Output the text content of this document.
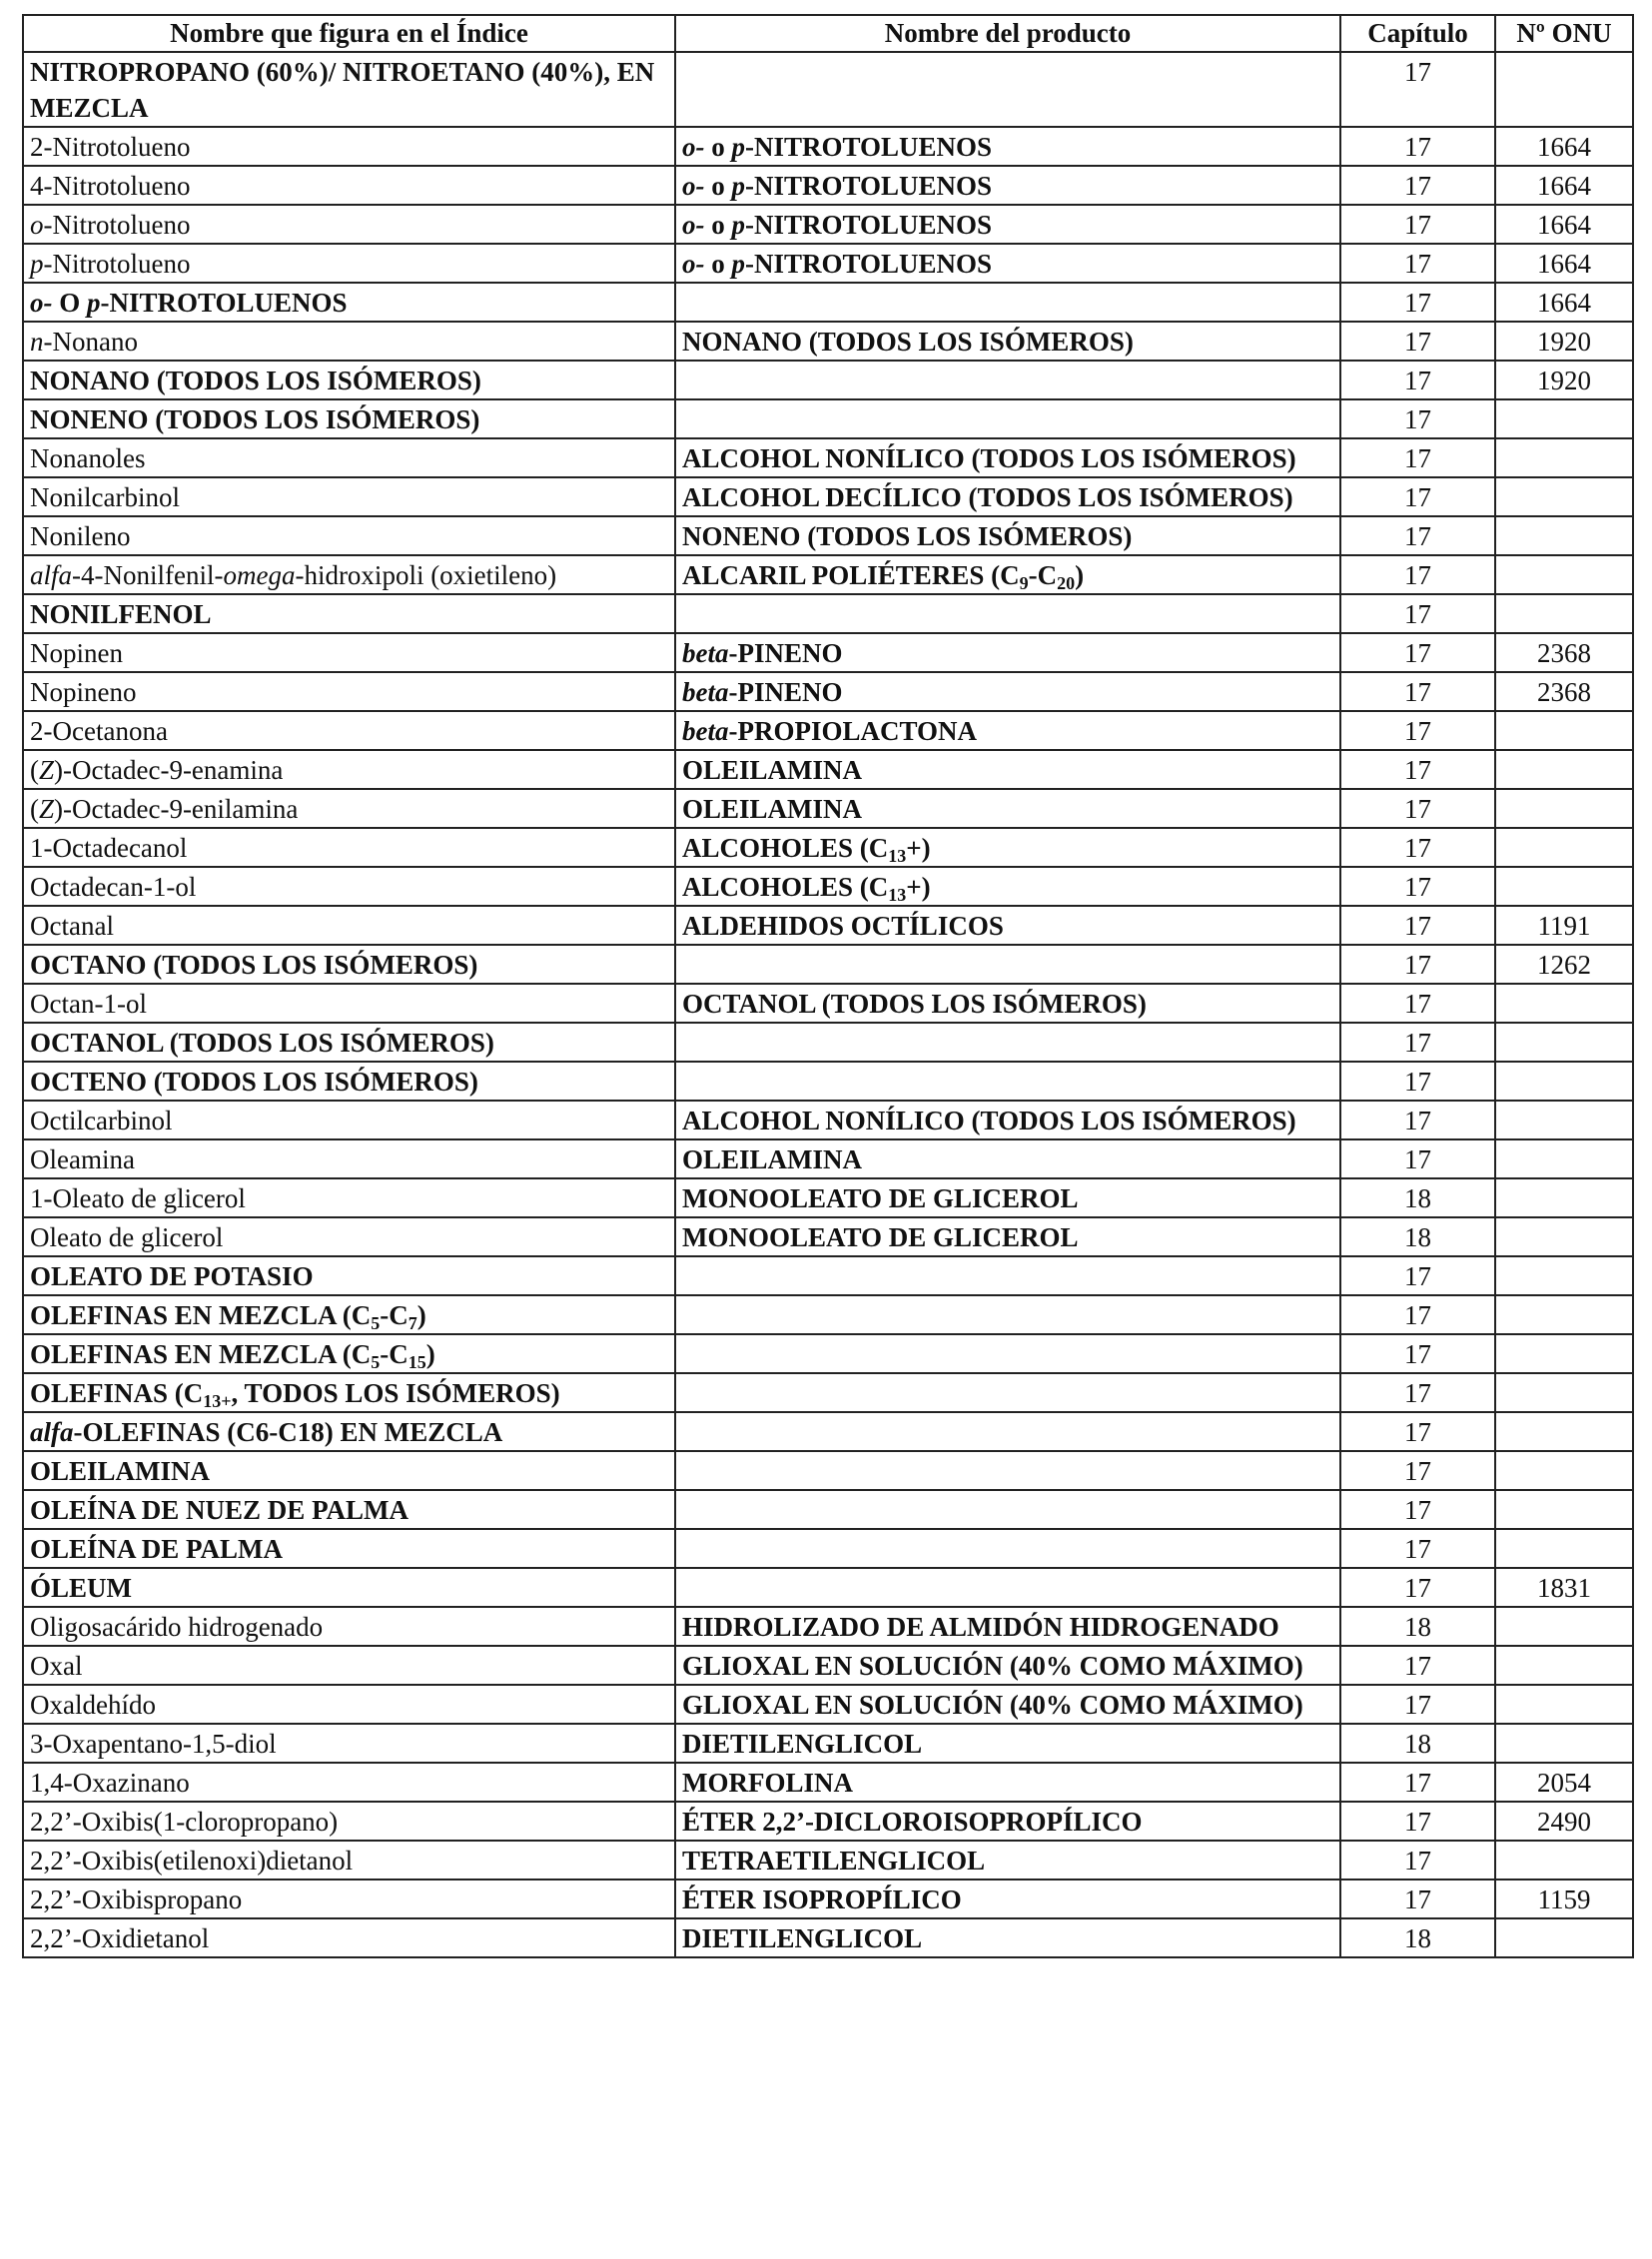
Nombre que figura en el Índice	Nombre del producto	Capítulo	Nº ONU
NITROPROPANO (60%)/ NITROETANO (40%), EN MEZCLA		17	
2-Nitrotolueno	o- o p-NITROTOLUENOS	17	1664
4-Nitrotolueno	o- o p-NITROTOLUENOS	17	1664
o-Nitrotolueno	o- o p-NITROTOLUENOS	17	1664
p-Nitrotolueno	o- o p-NITROTOLUENOS	17	1664
o- O p-NITROTOLUENOS		17	1664
n-Nonano	NONANO (TODOS LOS ISÓMEROS)	17	1920
NONANO (TODOS LOS ISÓMEROS)		17	1920
NONENO (TODOS LOS ISÓMEROS)		17	
Nonanoles	ALCOHOL NONÍLICO (TODOS LOS ISÓMEROS)	17	
Nonilcarbinol	ALCOHOL DECÍLICO (TODOS LOS ISÓMEROS)	17	
Nonileno	NONENO (TODOS LOS ISÓMEROS)	17	
alfa-4-Nonilfenil-omega-hidroxipoli (oxietileno)	ALCARIL POLIÉTERES $(C_9-C_{20})$	17	
NONILFENOL		17	
Nopinen	beta-PINENO	17	2368
Nopineno	beta-PINENO	17	2368
2-Ocetanona	beta-PROPIOLACTONA	17	
(Z)-Octadec-9-enamina	OLEILAMINA	17	
(Z)-Octadec-9-enilamina	OLEILAMINA	17	
1-Octadecanol	ALCOHOLES $(C_{13}+)$	17	
Octadecan-1-ol	ALCOHOLES $(C_{13}+)$	17	
Octanal	ALDEHIDOS OCTÍLICOS	17	1191
OCTANO (TODOS LOS ISÓMEROS)		17	1262
Octan-1-ol	OCTANOL (TODOS LOS ISÓMEROS)	17	
OCTANOL (TODOS LOS ISÓMEROS)		17	
OCTENO (TODOS LOS ISÓMEROS)		17	
Octilcarbinol	ALCOHOL NONÍLICO (TODOS LOS ISÓMEROS)	17	
Oleamina	OLEILAMINA	17	
1-Oleato de glicerol	MONOOLEATO DE GLICEROL	18	
Oleato de glicerol	MONOOLEATO DE GLICEROL	18	
OLEATO DE POTASIO		17	
OLEFINAS EN MEZCLA $(C_5-C_7)$		17	
OLEFINAS EN MEZCLA $(C_5-C_{15})$		17	
OLEFINAS ($C_{13+}$, TODOS LOS ISÓMEROS)		17	
alfa-OLEFINAS (C6-C18) EN MEZCLA		17	
OLEILAMINA		17	
OLEÍNA DE NUEZ DE PALMA		17	
OLEÍNA DE PALMA		17	
ÓLEUM		17	1831
Oligosacárido hidrogenado	HIDROLIZADO DE ALMIDÓN HIDROGENADO	18	
Oxal	GLIOXAL EN SOLUCIÓN (40% COMO MÁXIMO)	17	
Oxaldehído	GLIOXAL EN SOLUCIÓN (40% COMO MÁXIMO)	17	
3-Oxapentano-1,5-diol	DIETILENGLICOL	18	
1,4-Oxazinano	MORFOLINA	17	2054
2,2’-Oxibis(1-cloropropano)	ÉTER 2,2’-DICLOROISOPROPÍLICO	17	2490
2,2’-Oxibis(etilenoxi)dietanol	TETRAETILENGLICOL	17	
2,2’-Oxibispropano	ÉTER ISOPROPÍLICO	17	1159
2,2’-Oxidietanol	DIETILENGLICOL	18	
